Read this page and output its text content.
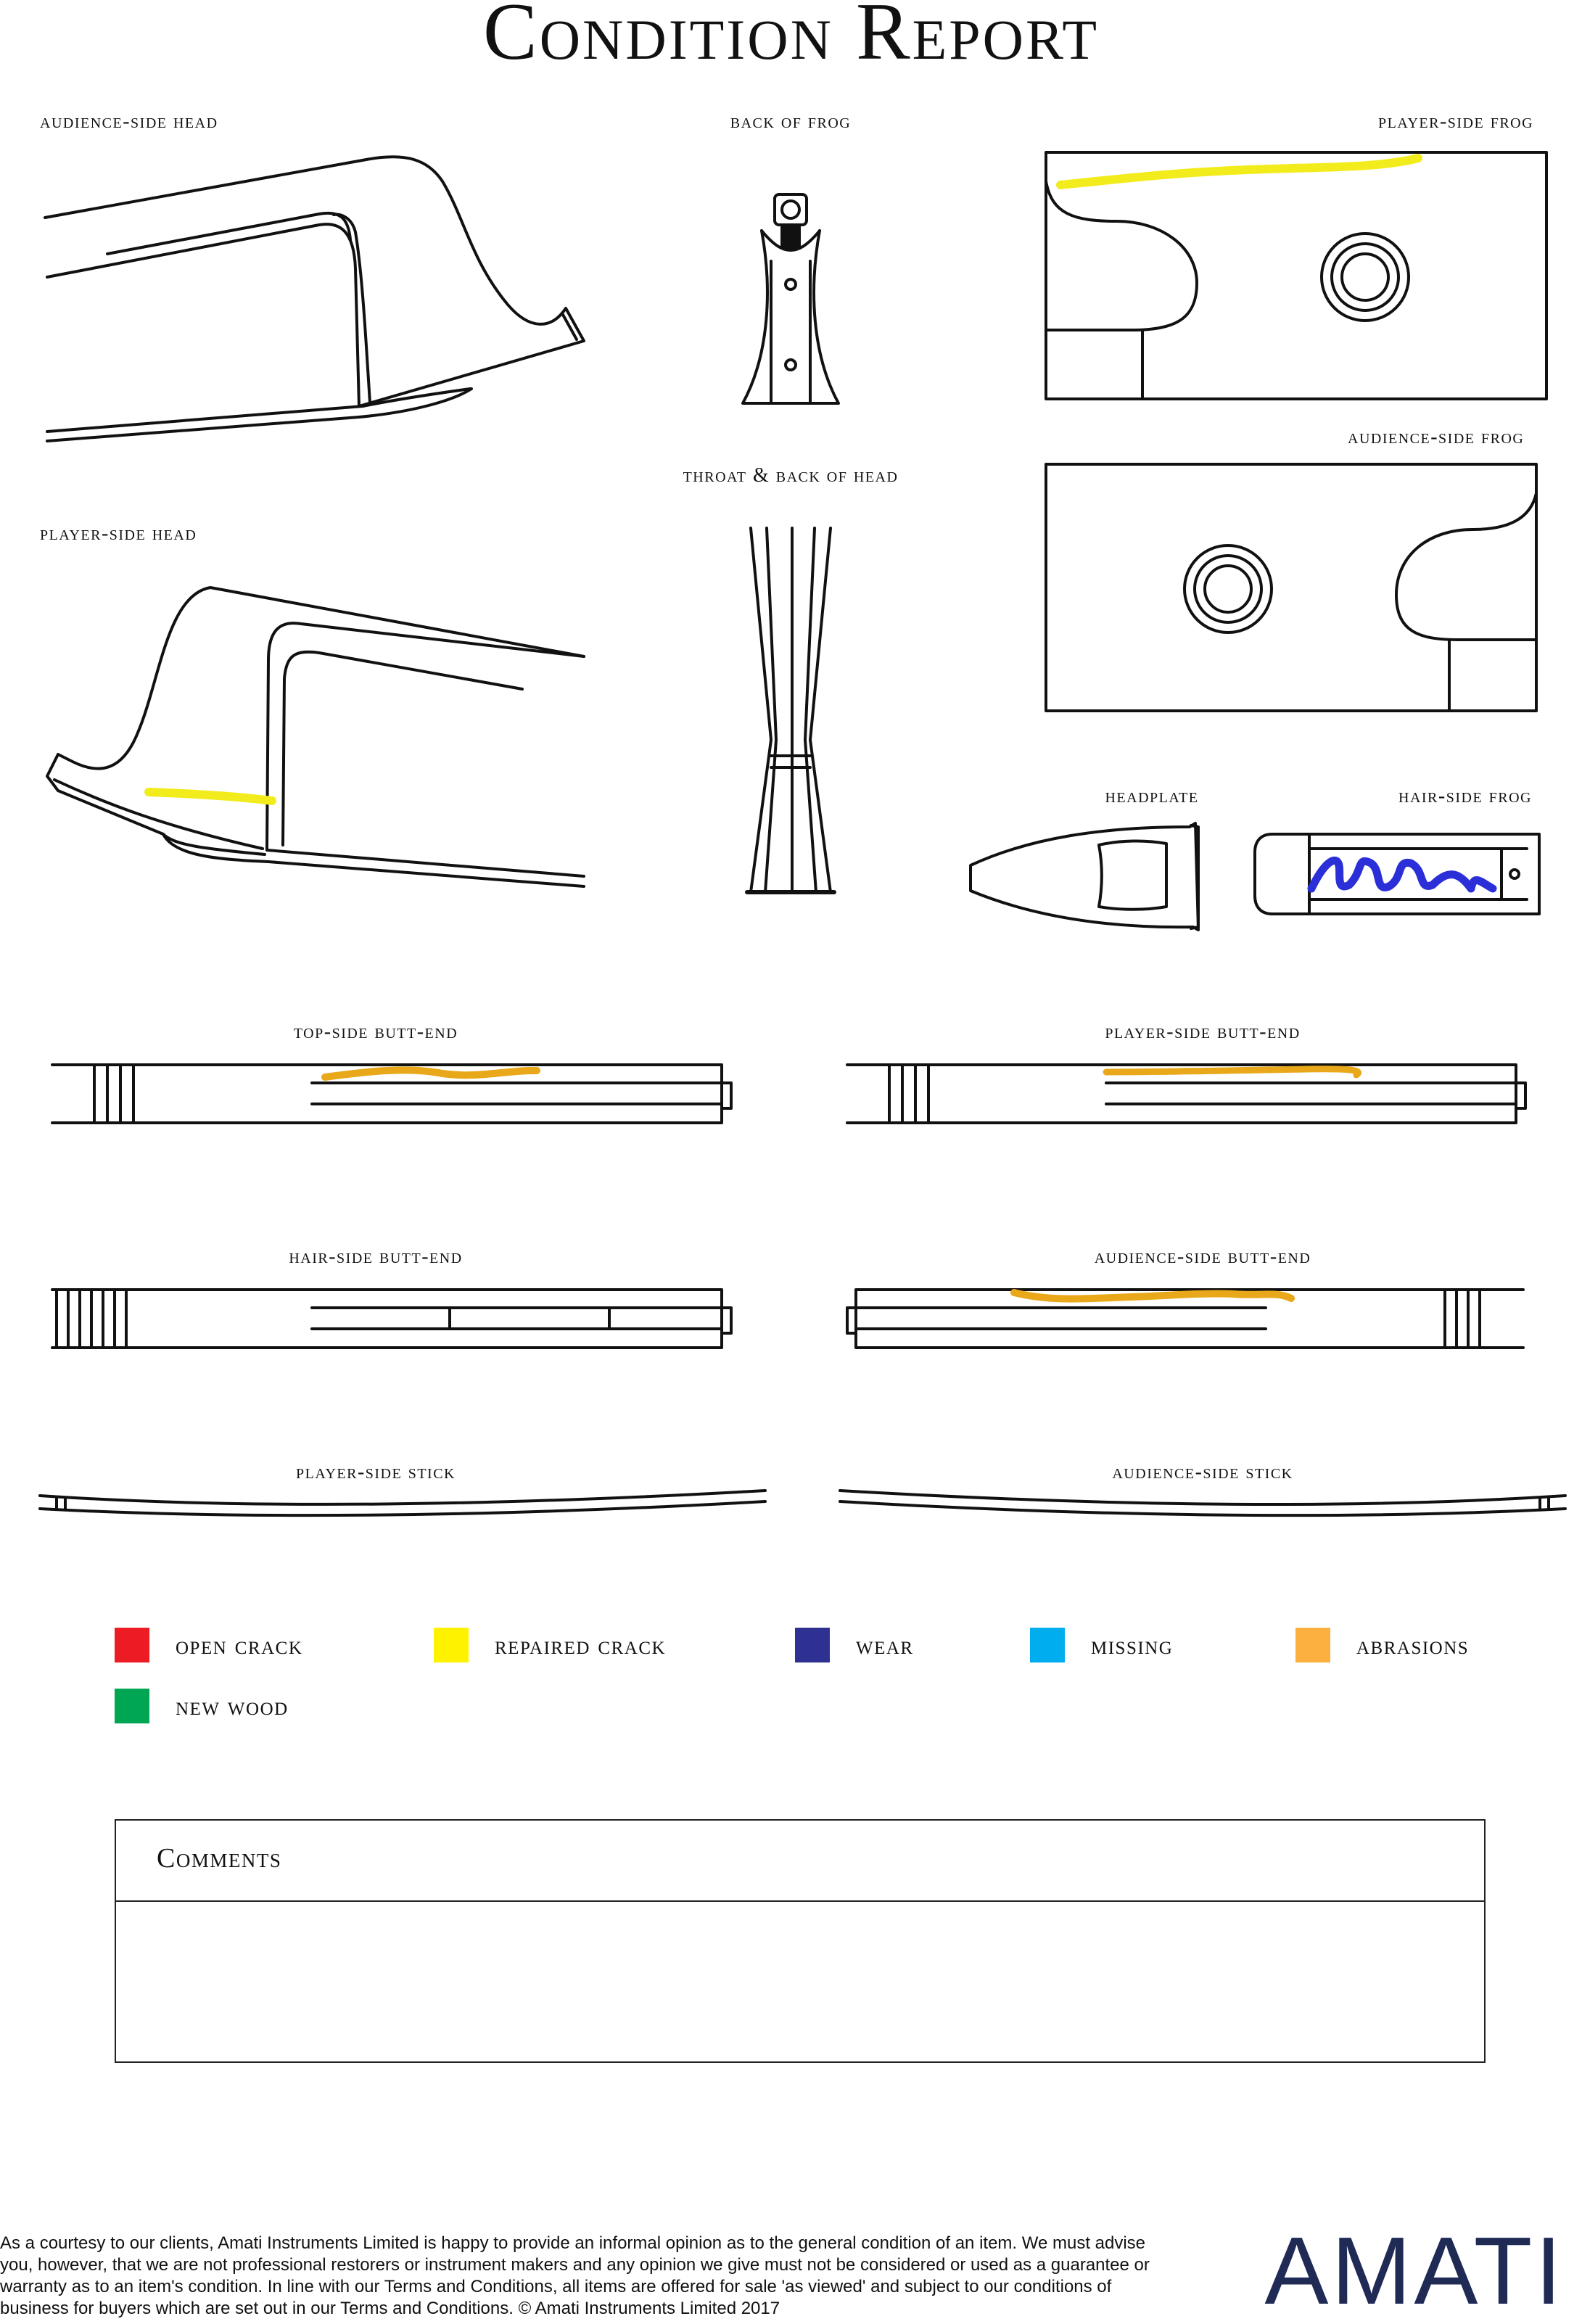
Condition Report
audience-side head	back of frog	player-side frog
player-side head
throat & back of head
audience-side frog
headplate	hair-side frog
top-side butt-end	player-side butt-end
hair-side butt-end	audience-side butt-end
player-side stick	audience-side stick
open crack	repaired crack	wear	missing	abrasions
new wood
Comments
As a courtesy to our clients, Amati Instruments Limited is happy to provide an informal opinion as to the general condition of an item. We must advise you, however, that we are not professional restorers or instrument makers and any opinion we give must not be considered or used as a guarantee or warranty as to an item's condition. In line with our Terms and Conditions, all items are offered for sale 'as viewed' and subject to our conditions of business for buyers which are set out in our Terms and Conditions. © Amati Instruments Limited 2017	AMATI
